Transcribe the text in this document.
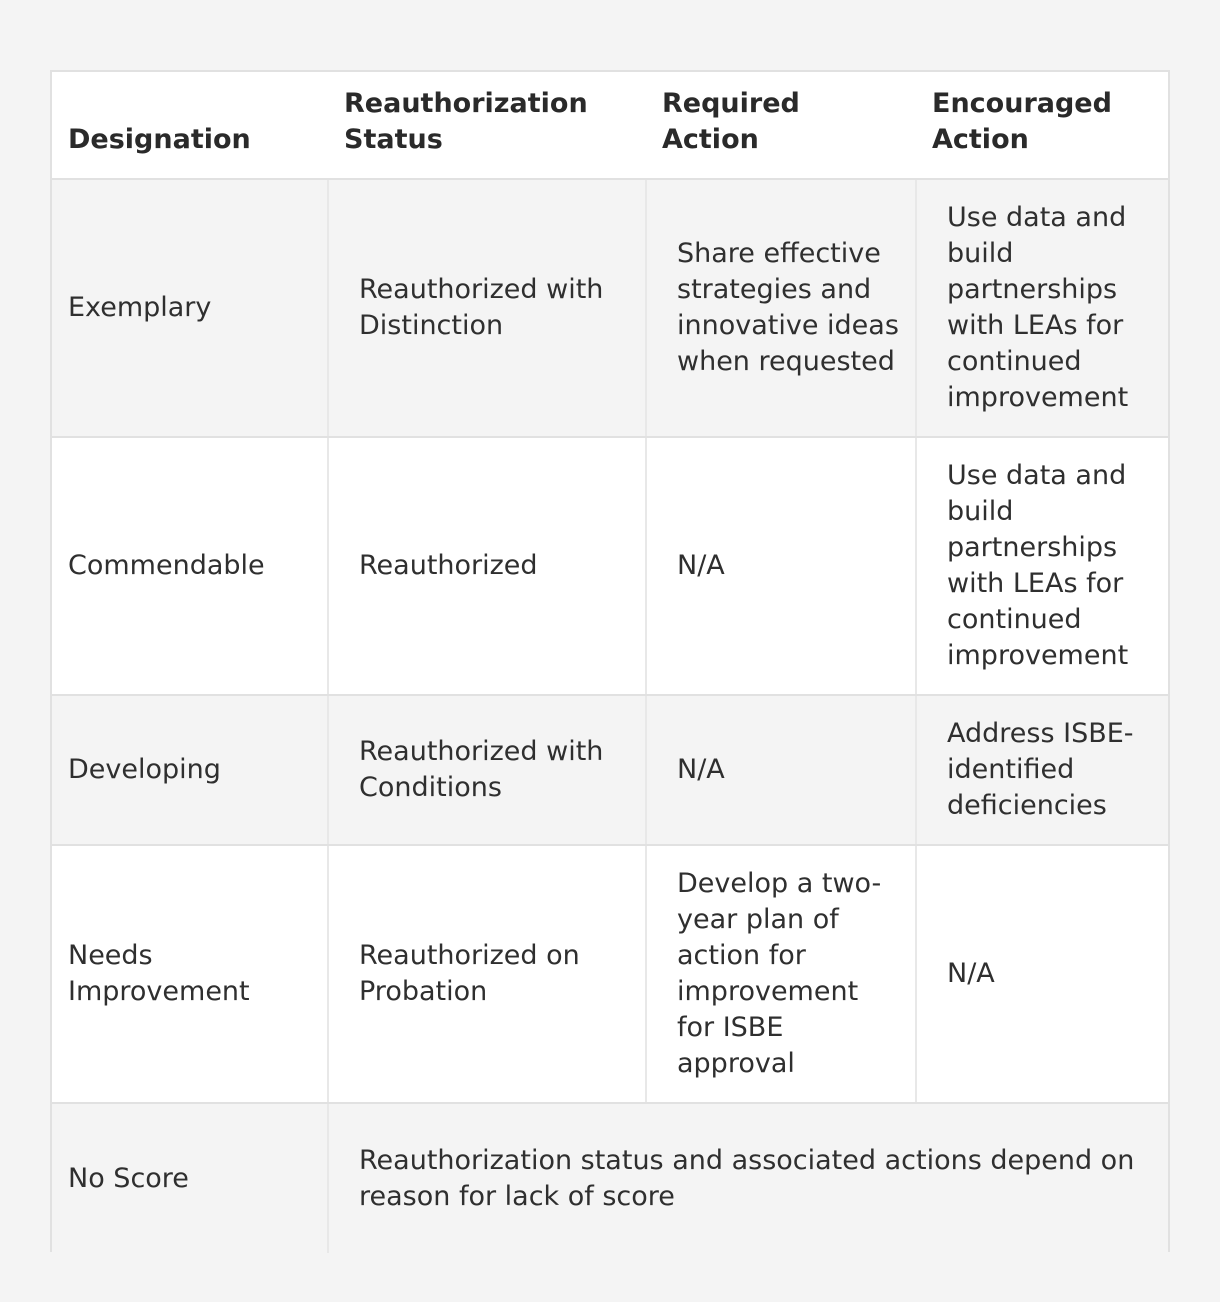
Designation	Reauthorization Status	Required Action	Encouraged Action
Exemplary	Reauthorized with Distinction	Share effective strategies and innovative ideas when requested	Use data and build partnerships with LEAs for continued improvement
Commendable	Reauthorized	N/A	Use data and build partnerships with LEAs for continued improvement
Developing	Reauthorized with Conditions	N/A	Address ISBE-identified deficiencies
Needs Improvement	Reauthorized on Probation	Develop a two-year plan of action for improvement for ISBE approval	N/A
No Score	Reauthorization status and associated actions depend on reason for lack of score		
